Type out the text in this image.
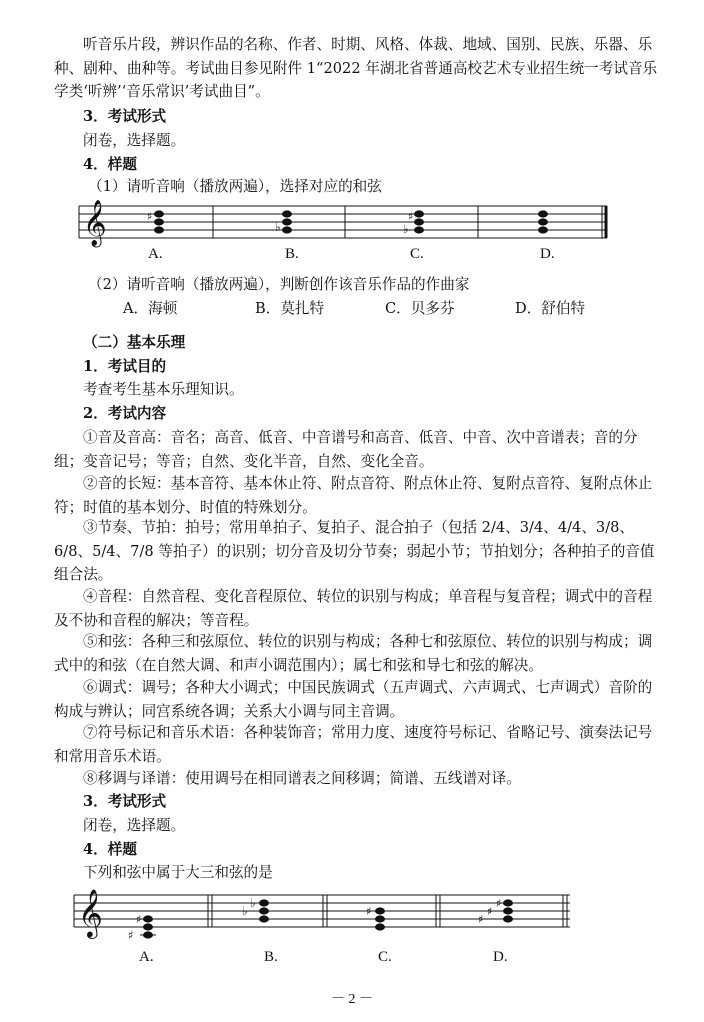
听音乐片段，辨识作品的名称、作者、时期、风格、体裁、地域、国别、民族、乐器、乐种、剧种、曲种等。考试曲目参见附件 1“2022 年湖北省普通高校艺术专业招生统一考试音乐学类‘听辨’‘音乐常识’考试曲目”。

3．考试形式

闭卷，选择题。

4．样题

（1）请听音响（播放两遍），选择对应的和弦

𝄞	♯
♭	♭
♯
A.	B.	C.	D.

（2）请听音响（播放两遍），判断创作该音乐作品的作曲家

A．海顿	B．莫扎特	C．贝多芬	D．舒伯特

（二）基本乐理

1．考试目的

考查考生基本乐理知识。

2．考试内容

①音及音高：音名；高音、低音、中音谱号和高音、低音、中音、次中音谱表；音的分组；变音记号；等音；自然、变化半音，自然、变化全音。

②音的长短：基本音符、基本休止符、附点音符、附点休止符、复附点音符、复附点休止符；时值的基本划分、时值的特殊划分。

③节奏、节拍：拍号；常用单拍子、复拍子、混合拍子（包括 2/4、3/4、4/4、3/8、6/8、5/4、7/8 等拍子）的识别；切分音及切分节奏；弱起小节；节拍划分；各种拍子的音值组合法。

④音程：自然音程、变化音程原位、转位的识别与构成；单音程与复音程；调式中的音程及不协和音程的解决；等音程。

⑤和弦：各种三和弦原位、转位的识别与构成；各种七和弦原位、转位的识别与构成；调式中的和弦（在自然大调、和声小调范围内）；属七和弦和导七和弦的解决。

⑥调式：调号；各种大小调式；中国民族调式（五声调式、六声调式、七声调式）音阶的构成与辨认；同宫系统各调；关系大小调与同主音调。

⑦符号标记和音乐术语：各种装饰音；常用力度、速度符号标记、省略记号、演奏法记号和常用音乐术语。

⑧移调与译谱：使用调号在相同谱表之间移调；简谱、五线谱对译。

3．考试形式

闭卷，选择题。

4．样题

下列和弦中属于大三和弦的是

𝄞 ♯
♯
♭
♭
♯
♯
♯
♯
A.	B.	C.	D.
－ 2 －
